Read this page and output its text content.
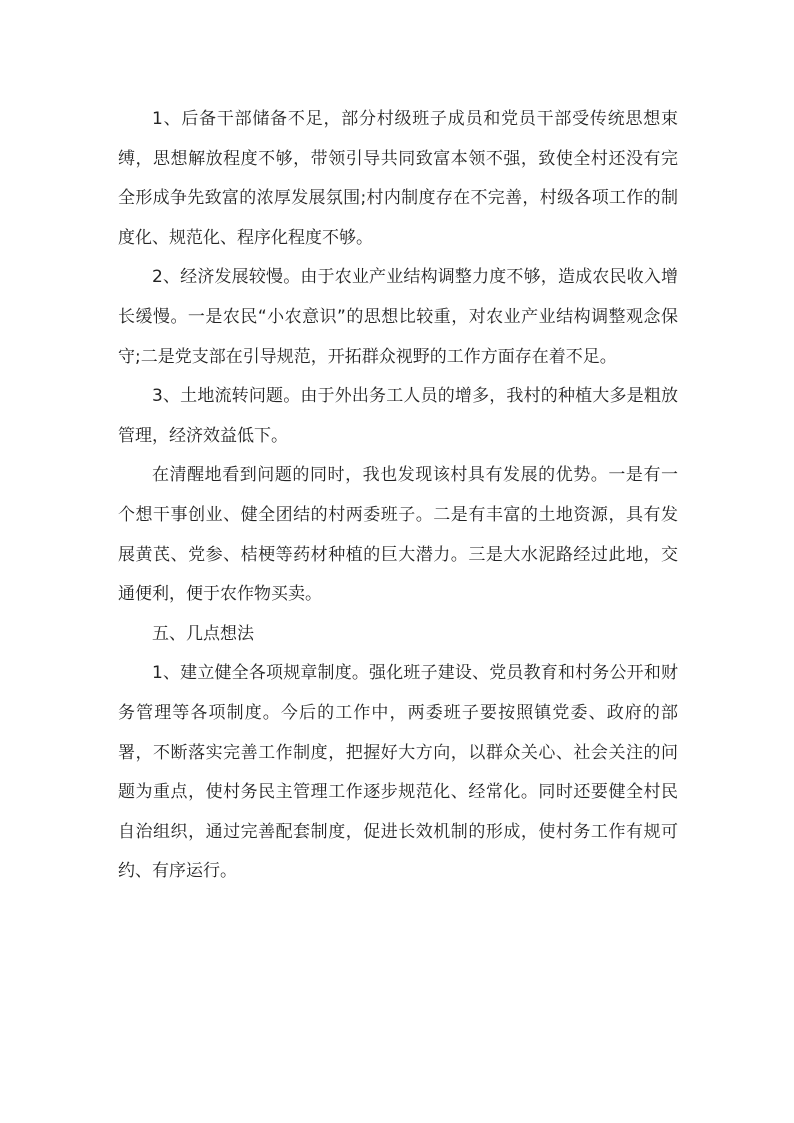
1、后备干部储备不足，部分村级班子成员和党员干部受传统思想束缚，思想解放程度不够，带领引导共同致富本领不强，致使全村还没有完全形成争先致富的浓厚发展氛围;村内制度存在不完善，村级各项工作的制度化、规范化、程序化程度不够。

2、经济发展较慢。由于农业产业结构调整力度不够，造成农民收入增长缓慢。一是农民“小农意识”的思想比较重，对农业产业结构调整观念保守;二是党支部在引导规范，开拓群众视野的工作方面存在着不足。

3、土地流转问题。由于外出务工人员的增多，我村的种植大多是粗放管理，经济效益低下。

在清醒地看到问题的同时，我也发现该村具有发展的优势。一是有一个想干事创业、健全团结的村两委班子。二是有丰富的土地资源，具有发展黄芪、党参、桔梗等药材种植的巨大潜力。三是大水泥路经过此地，交通便利，便于农作物买卖。

五、几点想法

1、建立健全各项规章制度。强化班子建设、党员教育和村务公开和财务管理等各项制度。今后的工作中，两委班子要按照镇党委、政府的部署，不断落实完善工作制度，把握好大方向，以群众关心、社会关注的问题为重点，使村务民主管理工作逐步规范化、经常化。同时还要健全村民自治组织，通过完善配套制度，促进长效机制的形成，使村务工作有规可约、有序运行。
